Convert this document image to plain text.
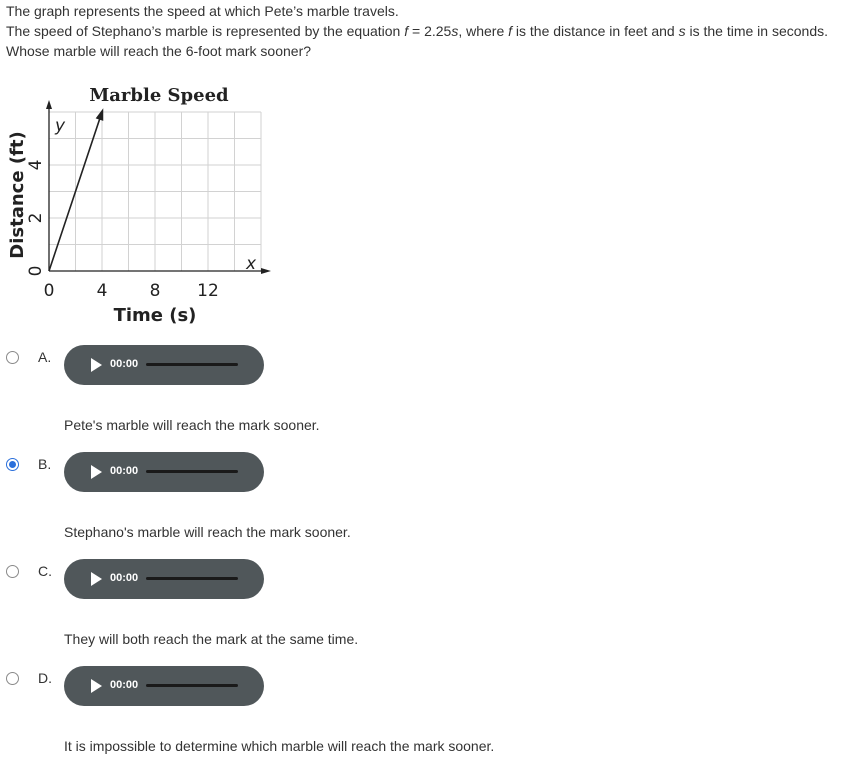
The graph represents the speed at which Pete’s marble travels.

The speed of Stephano’s marble is represented by the equation f = 2.25s, where f is the distance in feet and s is the time in seconds.

Whose marble will reach the 6-foot mark sooner?

Marble Speed
0 4 8 12
0
2
4
Time (s)
Distance (ft)
y
x
A.	00:00
Pete's marble will reach the mark sooner.
B.	00:00
Stephano's marble will reach the mark sooner.
C.	00:00
They will both reach the mark at the same time.
D.	00:00
It is impossible to determine which marble will reach the mark sooner.
